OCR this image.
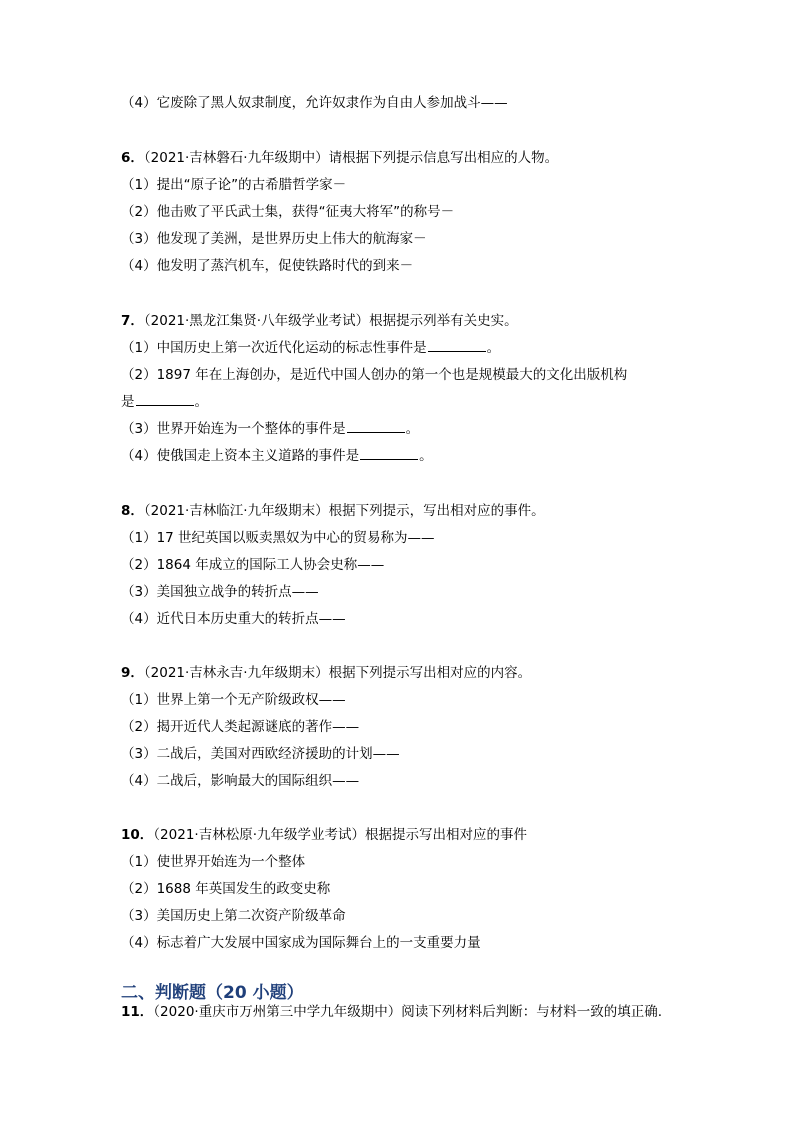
（4）它废除了黑人奴隶制度，允许奴隶作为自由人参加战斗——
6．（2021·吉林磐石·九年级期中）请根据下列提示信息写出相应的人物。
（1）提出“原子论”的古希腊哲学家－
（2）他击败了平氏武士集，获得“征夷大将军”的称号－
（3）他发现了美洲，是世界历史上伟大的航海家－
（4）他发明了蒸汽机车，促使铁路时代的到来－
7．（2021·黑龙江集贤·八年级学业考试）根据提示列举有关史实。
（1）中国历史上第一次近代化运动的标志性事件是	。
（2）1897 年在上海创办，是近代中国人创办的第一个也是规模最大的文化出版机构
是	。
（3）世界开始连为一个整体的事件是	。
（4）使俄国走上资本主义道路的事件是	。
8．（2021·吉林临江·九年级期末）根据下列提示，写出相对应的事件。
（1）17 世纪英国以贩卖黑奴为中心的贸易称为——
（2）1864 年成立的国际工人协会史称——
（3）美国独立战争的转折点——
（4）近代日本历史重大的转折点——
9．（2021·吉林永吉·九年级期末）根据下列提示写出相对应的内容。
（1）世界上第一个无产阶级政权——
（2）揭开近代人类起源谜底的著作——
（3）二战后，美国对西欧经济援助的计划——
（4）二战后，影响最大的国际组织——
10．（2021·吉林松原·九年级学业考试）根据提示写出相对应的事件
（1）使世界开始连为一个整体
（2）1688 年英国发生的政变史称
（3）美国历史上第二次资产阶级革命
（4）标志着广大发展中国家成为国际舞台上的一支重要力量
二、判断题（20 小题）
11．（2020·重庆市万州第三中学九年级期中）阅读下列材料后判断：与材料一致的填正确.
